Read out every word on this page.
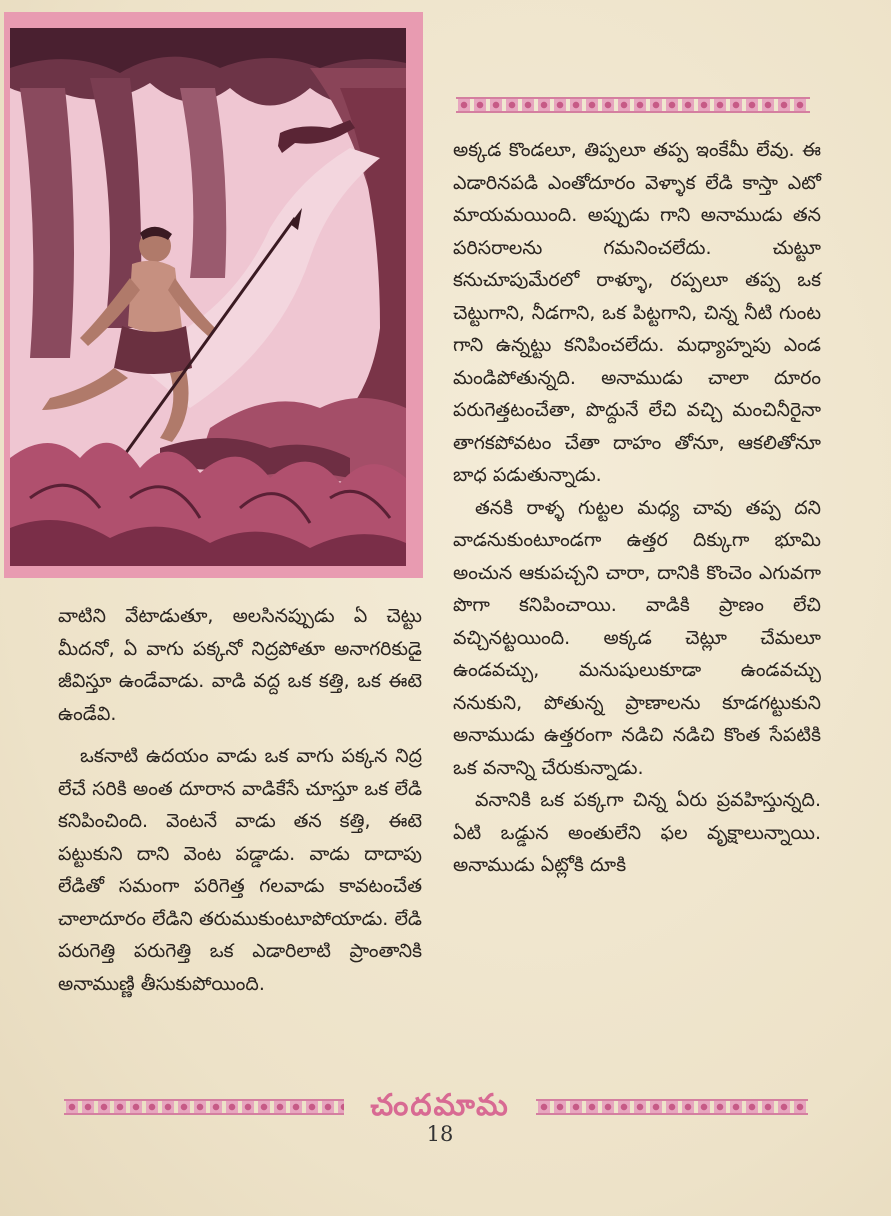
అక్కడ కొండలూ, తిప్పలూ తప్ప ఇంకేమీ లేవు. ఈ ఎడారినపడి ఎంతోదూరం వెళ్ళాక లేడి కాస్తా ఎటో మాయమయింది. అప్పుడు గాని అనాముడు తన పరిసరాలను గమనించలేదు. చుట్టూ కనుచూపుమేరలో రాళ్ళూ, రప్పలూ తప్ప ఒక చెట్టుగాని, నీడగాని, ఒక పిట్టగాని, చిన్న నీటి గుంట గాని ఉన్నట్టు కనిపించలేదు. మధ్యాహ్నపు ఎండ మండిపోతున్నది. అనాముడు చాలా దూరం పరుగెత్తటంచేతా, పొద్దునే లేచి వచ్చి మంచినీరైనా తాగకపోవటం చేతా దాహం తోనూ, ఆకలితోనూ బాధ పడుతున్నాడు.

తనకి రాళ్ళ గుట్టల మధ్య చావు తప్ప దని వాడనుకుంటూండగా ఉత్తర దిక్కుగా భూమి అంచున ఆకుపచ్చని చారా, దానికి కొంచెం ఎగువగా పొగా కనిపించాయి. వాడికి ప్రాణం లేచి వచ్చినట్టయింది. అక్కడ చెట్లూ చేమలూ ఉండవచ్చు, మనుషులుకూడా ఉండవచ్చు ననుకుని, పోతున్న ప్రాణాలను కూడగట్టుకుని అనాముడు ఉత్తరంగా నడిచి నడిచి కొంత సేపటికి ఒక వనాన్ని చేరుకున్నాడు.

వనానికి ఒక పక్కగా చిన్న ఏరు ప్రవహిస్తున్నది. ఏటి ఒడ్డున అంతులేని ఫల వృక్షాలున్నాయి. అనాముడు ఏట్లోకి దూకి

వాటిని వేటాడుతూ, అలసినప్పుడు ఏ చెట్టు మీదనో, ఏ వాగు పక్కనో నిద్రపోతూ అనాగరికుడై జీవిస్తూ ఉండేవాడు. వాడి వద్ద ఒక కత్తి, ఒక ఈటె ఉండేవి.

ఒకనాటి ఉదయం వాడు ఒక వాగు పక్కన నిద్ర లేచే సరికి అంత దూరాన వాడికేసే చూస్తూ ఒక లేడి కనిపించింది. వెంటనే వాడు తన కత్తి, ఈటె పట్టుకుని దాని వెంట పడ్డాడు. వాడు దాదాపు లేడితో సమంగా పరిగెత్త గలవాడు కావటంచేత చాలాదూరం లేడిని తరుముకుంటూపోయాడు. లేడి పరుగెత్తి పరుగెత్తి ఒక ఎడారిలాటి ప్రాంతానికి అనాముణ్ణి తీసుకుపోయింది.

చందమామ
18
